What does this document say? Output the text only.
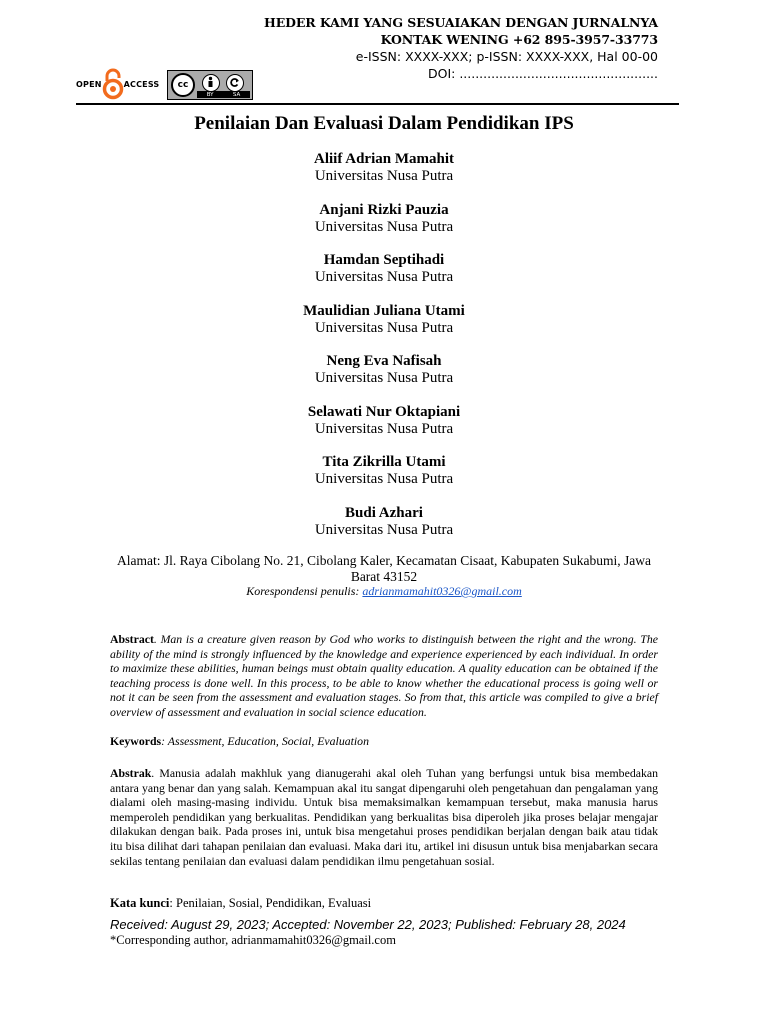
HEDER KAMI YANG SESUAIAKAN DENGAN JURNALNYA
KONTAK WENING +62 895-3957-33773
e-ISSN: XXXX-XXX; p-ISSN: XXXX-XXX, Hal 00-00
DOI: ..................................................
OPEN	ACCESS	cc
BY	SA
Penilaian Dan Evaluasi Dalam Pendidikan IPS
Aliif Adrian Mamahit
Universitas Nusa Putra
Anjani Rizki Pauzia
Universitas Nusa Putra
Hamdan Septihadi
Universitas Nusa Putra
Maulidian Juliana Utami
Universitas Nusa Putra
Neng Eva Nafisah
Universitas Nusa Putra
Selawati Nur Oktapiani
Universitas Nusa Putra
Tita Zikrilla Utami
Universitas Nusa Putra
Budi Azhari
Universitas Nusa Putra
Alamat: Jl. Raya Cibolang No. 21, Cibolang Kaler, Kecamatan Cisaat, Kabupaten Sukabumi, Jawa Barat 43152
Korespondensi penulis: adrianmamahit0326@gmail.com
Abstract. Man is a creature given reason by God who works to distinguish between the right and the wrong. The ability of the mind is strongly influenced by the knowledge and experience experienced by each individual. In order to maximize these abilities, human beings must obtain quality education. A quality education can be obtained if the teaching process is done well. In this process, to be able to know whether the educational process is going well or not it can be seen from the assessment and evaluation stages. So from that, this article was compiled to give a brief overview of assessment and evaluation in social science education.
Keywords: Assessment, Education, Social, Evaluation
Abstrak. Manusia adalah makhluk yang dianugerahi akal oleh Tuhan yang berfungsi untuk bisa membedakan antara yang benar dan yang salah. Kemampuan akal itu sangat dipengaruhi oleh pengetahuan dan pengalaman yang dialami oleh masing-masing individu. Untuk bisa memaksimalkan kemampuan tersebut, maka manusia harus memperoleh pendidikan yang berkualitas. Pendidikan yang berkualitas bisa diperoleh jika proses belajar mengajar dilakukan dengan baik. Pada proses ini, untuk bisa mengetahui proses pendidikan berjalan dengan baik atau tidak itu bisa dilihat dari tahapan penilaian dan evaluasi. Maka dari itu, artikel ini disusun untuk bisa menjabarkan secara sekilas tentang penilaian dan evaluasi dalam pendidikan ilmu pengetahuan sosial.
Kata kunci: Penilaian, Sosial, Pendidikan, Evaluasi
Received: August 29, 2023; Accepted: November 22, 2023; Published: February 28, 2024
*Corresponding author, adrianmamahit0326@gmail.com
